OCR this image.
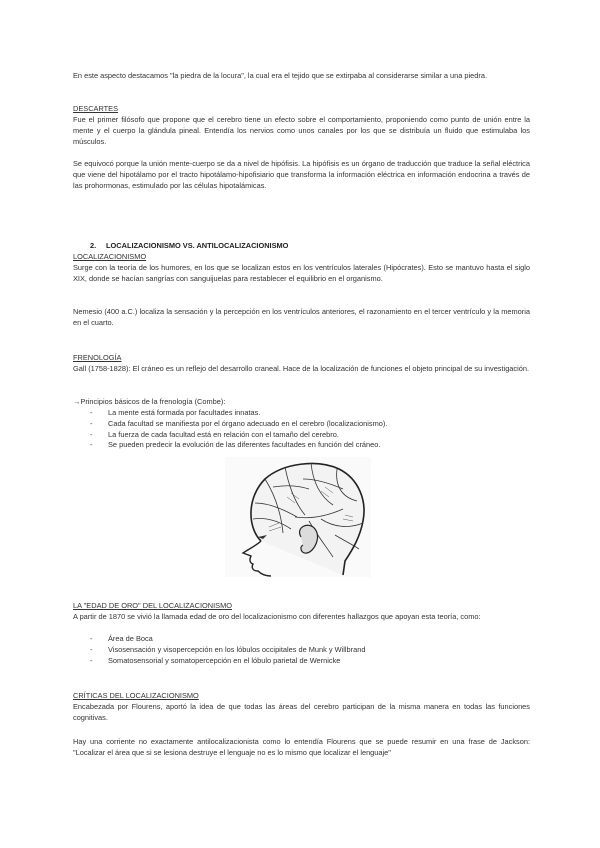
En este aspecto destacamos "la piedra de la locura", la cual era el tejido que se extirpaba al considerarse similar a una piedra.

DESCARTES

Fue el primer filósofo que propone que el cerebro tiene un efecto sobre el comportamiento, proponiendo como punto de unión entre la mente y el cuerpo la glándula pineal. Entendía los nervios como unos canales por los que se distribuía un fluido que estimulaba los músculos.

Se equivocó porque la unión mente-cuerpo se da a nivel de hipófisis. La hipófisis es un órgano de traducción que traduce la señal eléctrica que viene del hipotálamo por el tracto hipotálamo-hipofisiario que transforma la información eléctrica en información endocrina a través de las prohormonas, estimulado por las células hipotalámicas.

2. LOCALIZACIONISMO VS. ANTILOCALIZACIONISMO
LOCALIZACIONISMO

Surge con la teoría de los humores, en los que se localizan estos en los ventrículos laterales (Hipócrates). Esto se mantuvo hasta el siglo XIX, donde se hacían sangrías con sanguijuelas para restablecer el equilibrio en el organismo.

Nemesio (400 a.C.) localiza la sensación y la percepción en los ventrículos anteriores, el razonamiento en el tercer ventrículo y la memoria en el cuarto.

FRENOLOGÍA

Gall (1758-1828): El cráneo es un reflejo del desarrollo craneal. Hace de la localización de funciones el objeto principal de su investigación.

→Principios básicos de la frenología (Combe):

- La mente está formada por facultades innatas.
- Cada facultad se manifiesta por el órgano adecuado en el cerebro (localizacionismo).
- La fuerza de cada facultad está en relación con el tamaño del cerebro.
- Se pueden predecir la evolución de las diferentes facultades en función del cráneo.
LA "EDAD DE ORO" DEL LOCALIZACIONISMO

A partir de 1870 se vivió la llamada edad de oro del localizacionismo con diferentes hallazgos que apoyan esta teoría, como:

- Área de Boca
- Visosensación y visopercepción en los lóbulos occipitales de Munk y Willbrand
- Somatosensorial y somatopercepción en el lóbulo parietal de Wernicke
CRÍTICAS DEL LOCALIZACIONISMO

Encabezada por Flourens, aportó la idea de que todas las áreas del cerebro participan de la misma manera en todas las funciones cognitivas.

Hay una corriente no exactamente antilocalizacionista como lo entendía Flourens que se puede resumir en una frase de Jackson: "Localizar el área que si se lesiona destruye el lenguaje no es lo mismo que localizar el lenguaje"
